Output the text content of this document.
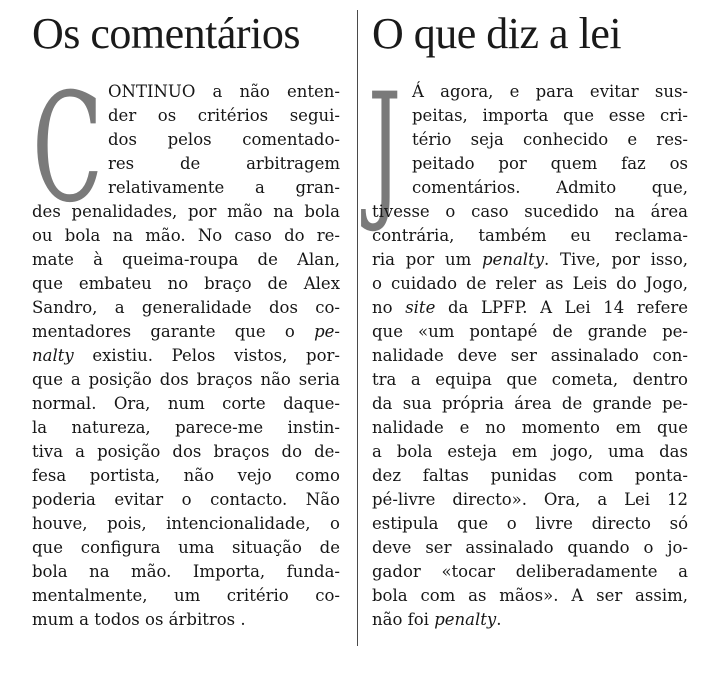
Os comentários
C ONTINUO a não enten-
der os critérios segui-
dos pelos comentado-
res de arbitragem
relativamente a gran-
des penalidades, por mão na bola
ou bola na mão. No caso do re-
mate à queima-roupa de Alan,
que embateu no braço de Alex
Sandro, a generalidade dos co-
mentadores garante que o pe-
nalty existiu. Pelos vistos, por-
que a posição dos braços não seria
normal. Ora, num corte daque-
la natureza, parece-me instin-
tiva a posição dos braços do de-
fesa portista, não vejo como
poderia evitar o contacto. Não
houve, pois, intencionalidade, o
que configura uma situação de
bola na mão. Importa, funda-
mentalmente, um critério co-
mum a todos os árbitros .
O que diz a lei
J Á agora, e para evitar sus-
peitas, importa que esse cri-
tério seja conhecido e res-
peitado por quem faz os
comentários. Admito que,
tivesse o caso sucedido na área
contrária, também eu reclama-
ria por um penalty. Tive, por isso,
o cuidado de reler as Leis do Jogo,
no site da LPFP. A Lei 14 refere
que «um pontapé de grande pe-
nalidade deve ser assinalado con-
tra a equipa que cometa, dentro
da sua própria área de grande pe-
nalidade e no momento em que
a bola esteja em jogo, uma das
dez faltas punidas com ponta-
pé-livre directo». Ora, a Lei 12
estipula que o livre directo só
deve ser assinalado quando o jo-
gador «tocar deliberadamente a
bola com as mãos». A ser assim,
não foi penalty.
